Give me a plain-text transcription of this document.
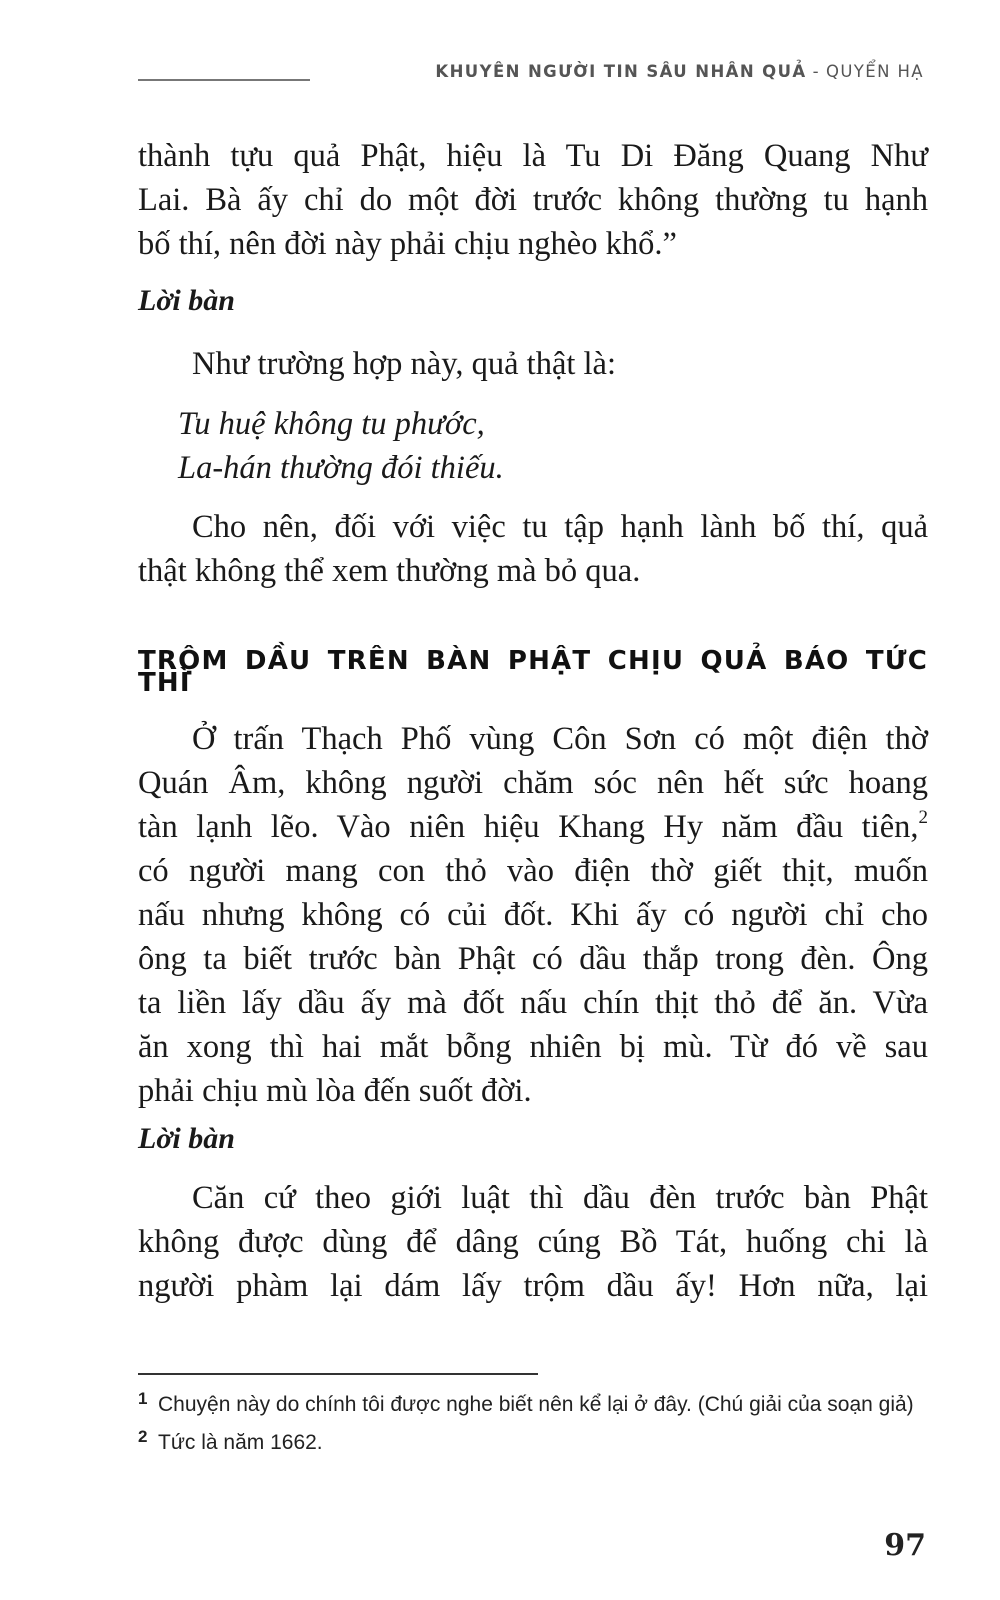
KHUYÊN NGƯỜI TIN SÂU NHÂN QUẢ - QUYỂN HẠ
thành tựu quả Phật, hiệu là Tu Di Đăng Quang Như
Lai. Bà ấy chỉ do một đời trước không thường tu hạnh
bố thí, nên đời này phải chịu nghèo khổ.”
Lời bàn
Như trường hợp này, quả thật là:
Tu huệ không tu phước,
La-hán thường đói thiếu.
Cho nên, đối với việc tu tập hạnh lành bố thí, quả
thật không thể xem thường mà bỏ qua.
TRỘM DẦU TRÊN BÀN PHẬT CHỊU QUẢ BÁO TỨC
THÌ
Ở trấn Thạch Phố vùng Côn Sơn có một điện thờ
Quán Âm, không người chăm sóc nên hết sức hoang
tàn lạnh lẽo. Vào niên hiệu Khang Hy năm đầu tiên,$^2$
có người mang con thỏ vào điện thờ giết thịt, muốn
nấu nhưng không có củi đốt. Khi ấy có người chỉ cho
ông ta biết trước bàn Phật có dầu thắp trong đèn. Ông
ta liền lấy dầu ấy mà đốt nấu chín thịt thỏ để ăn. Vừa
ăn xong thì hai mắt bỗng nhiên bị mù. Từ đó về sau
phải chịu mù lòa đến suốt đời.
Lời bàn
Căn cứ theo giới luật thì dầu đèn trước bàn Phật
không được dùng để dâng cúng Bồ Tát, huống chi là
người phàm lại dám lấy trộm dầu ấy! Hơn nữa, lại

1 Chuyện này do chính tôi được nghe biết nên kể lại ở đây. (Chú giải của soạn giả)

2 Tức là năm 1662.

97
